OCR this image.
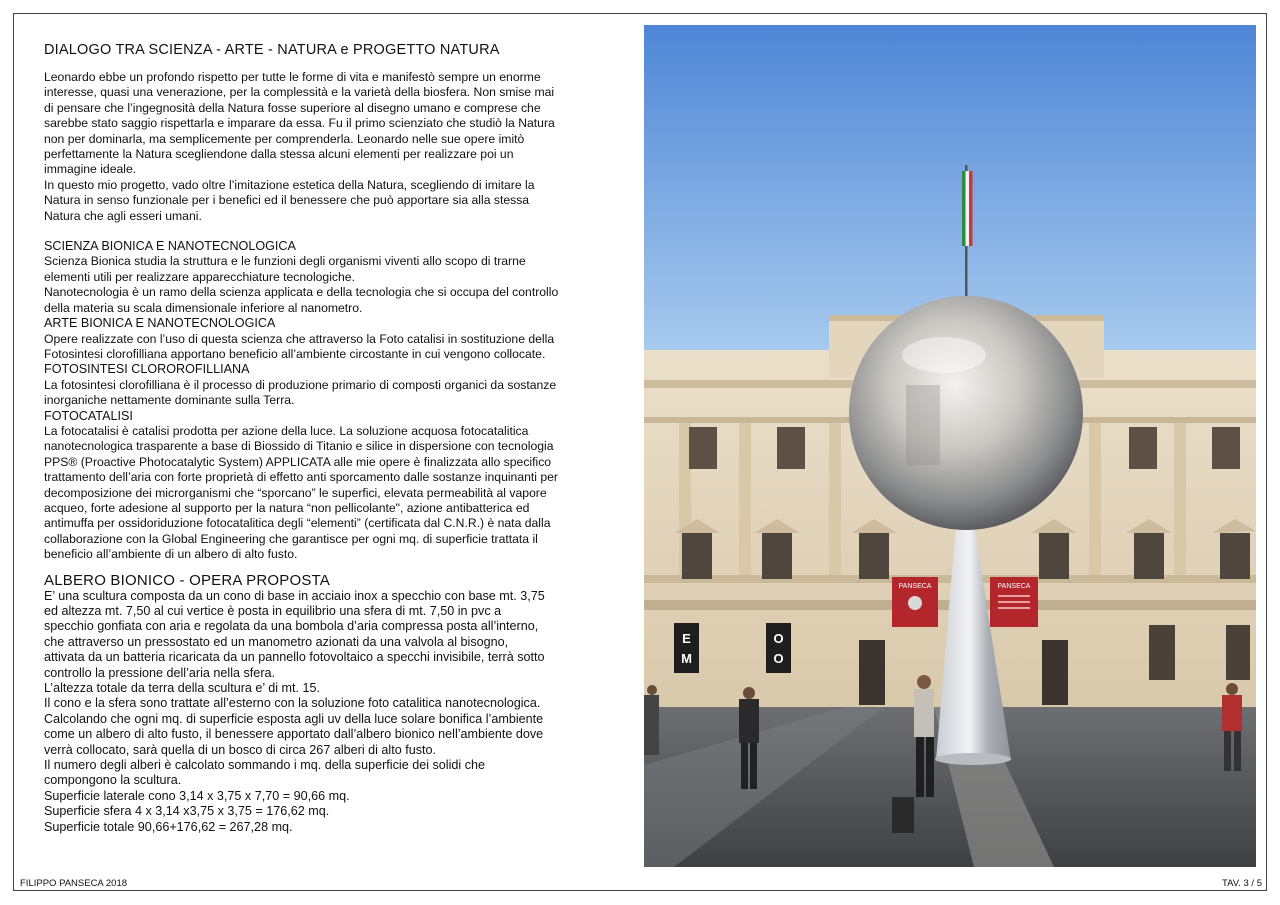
DIALOGO TRA SCIENZA - ARTE - NATURA e PROGETTO NATURA

Leonardo ebbe un profondo rispetto per tutte le forme di vita e manifestò sempre un enorme
interesse, quasi una venerazione, per la complessità e la varietà della biosfera. Non smise mai
di pensare che l’ingegnosità della Natura fosse superiore al disegno umano e comprese che
sarebbe stato saggio rispettarla e imparare da essa. Fu il primo scienziato che studiò la Natura
non per dominarla, ma semplicemente per comprenderla. Leonardo nelle sue opere imitò
perfettamente la Natura scegliendone dalla stessa alcuni elementi per realizzare poi un
immagine ideale.
In questo mio progetto, vado oltre l’imitazione estetica della Natura, scegliendo di imitare la
Natura in senso funzionale per i benefici ed il benessere che può apportare sia alla stessa
Natura che agli esseri umani.

SCIENZA BIONICA E NANOTECNOLOGICA

Scienza Bionica studia la struttura e le funzioni degli organismi viventi allo scopo di trarne
elementi utili per realizzare apparecchiature tecnologiche.
Nanotecnologia è un ramo della scienza applicata e della tecnologia che si occupa del controllo
della materia su scala dimensionale inferiore al nanometro.

ARTE BIONICA E NANOTECNOLOGICA

Opere realizzate con l’uso di questa scienza che attraverso la Foto catalisi in sostituzione della
Fotosintesi clorofilliana apportano beneficio all’ambiente circostante in cui vengono collocate.

FOTOSINTESI CLOROROFILLIANA

La fotosintesi clorofilliana è il processo di produzione primario di composti organici da sostanze
inorganiche nettamente dominante sulla Terra.

FOTOCATALISI

La fotocatalisi è catalisi prodotta per azione della luce. La soluzione acquosa fotocatalitica
nanotecnologica trasparente a base di Biossido di Titanio e silice in dispersione con tecnologia
PPS® (Proactive Photocatalytic System) APPLICATA alle mie opere è finalizzata allo specifico
trattamento dell’aria con forte proprietà di effetto anti sporcamento dalle sostanze inquinanti per
decomposizione dei microrganismi che “sporcano” le superfici, elevata permeabilità al vapore
acqueo, forte adesione al supporto per la natura “non pellicolante", azione antibatterica ed
antimuffa per ossidoriduzione fotocatalitica degli “elementi” (certificata dal C.N.R.) è nata dalla
collaborazione con la Global Engineering che garantisce per ogni mq. di superficie trattata il
beneficio all’ambiente di un albero di alto fusto.

ALBERO BIONICO - OPERA PROPOSTA

E’ una scultura composta da un cono di base in acciaio inox a specchio con base mt. 3,75
ed altezza mt. 7,50 al cui vertice è posta in equilibrio una sfera di mt. 7,50 in pvc a
specchio gonfiata con aria e regolata da una bombola d’aria compressa posta all’interno,
che attraverso un pressostato ed un manometro azionati da una valvola al bisogno,
attivata da un batteria ricaricata da un pannello fotovoltaico a specchi invisibile, terrà sotto
controllo la pressione dell’aria nella sfera.
L’altezza totale da terra della scultura e’ di mt. 15.
Il cono e la sfera sono trattate all’esterno con la soluzione foto catalitica nanotecnologica.
Calcolando che ogni mq. di superficie esposta agli uv della luce solare bonifica l’ambiente
come un albero di alto fusto, il benessere apportato dall’albero bionico nell’ambiente dove
verrà collocato, sarà quella di un bosco di circa 267 alberi di alto fusto.
Il numero degli alberi è calcolato sommando i mq. della superficie dei solidi che
compongono la scultura.
Superficie laterale cono 3,14 x 3,75 x 7,70 = 90,66 mq.
Superficie sfera 4 x 3,14 x3,75 x 3,75 = 176,62 mq.
Superficie totale 90,66+176,62 = 267,28 mq.

E
M
O
O
PANSECA	PANSECA
FILIPPO PANSECA 2018	TAV. 3 / 5
